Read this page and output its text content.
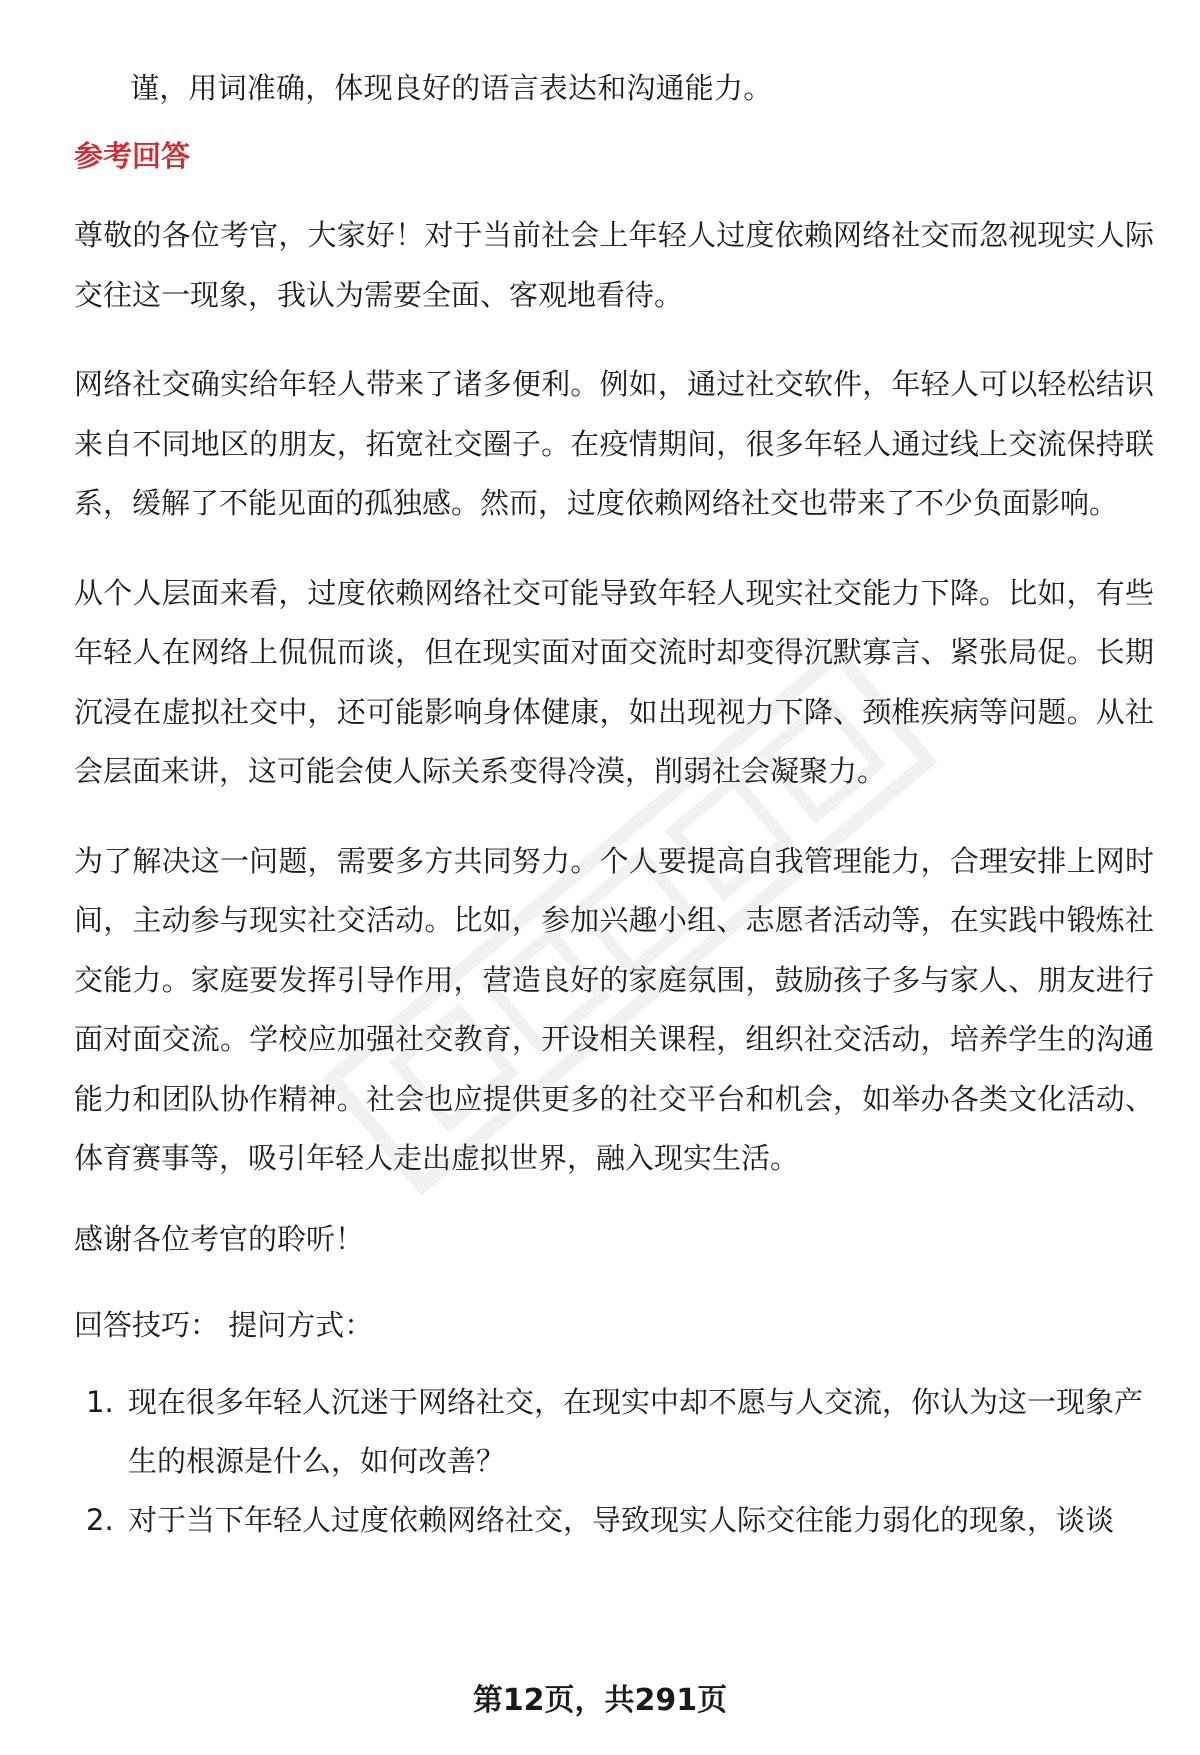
谨，用词准确，体现良好的语言表达和沟通能力。

参考回答

尊敬的各位考官，大家好！对于当前社会上年轻人过度依赖网络社交而忽视现实人际交往这一现象，我认为需要全面、客观地看待。

网络社交确实给年轻人带来了诸多便利。例如，通过社交软件，年轻人可以轻松结识来自不同地区的朋友，拓宽社交圈子。在疫情期间，很多年轻人通过线上交流保持联系，缓解了不能见面的孤独感。然而，过度依赖网络社交也带来了不少负面影响。

从个人层面来看，过度依赖网络社交可能导致年轻人现实社交能力下降。比如，有些年轻人在网络上侃侃而谈，但在现实面对面交流时却变得沉默寡言、紧张局促。长期沉浸在虚拟社交中，还可能影响身体健康，如出现视力下降、颈椎疾病等问题。从社会层面来讲，这可能会使人际关系变得冷漠，削弱社会凝聚力。

为了解决这一问题，需要多方共同努力。个人要提高自我管理能力，合理安排上网时间，主动参与现实社交活动。比如，参加兴趣小组、志愿者活动等，在实践中锻炼社交能力。家庭要发挥引导作用，营造良好的家庭氛围，鼓励孩子多与家人、朋友进行面对面交流。学校应加强社交教育，开设相关课程，组织社交活动，培养学生的沟通能力和团队协作精神。社会也应提供更多的社交平台和机会，如举办各类文化活动、体育赛事等，吸引年轻人走出虚拟世界，融入现实生活。

感谢各位考官的聆听！

回答技巧： 提问方式：

1. 现在很多年轻人沉迷于网络社交，在现实中却不愿与人交流，你认为这一现象产生的根源是什么，如何改善？
2. 对于当下年轻人过度依赖网络社交，导致现实人际交往能力弱化的现象，谈谈
第12页，共291页
